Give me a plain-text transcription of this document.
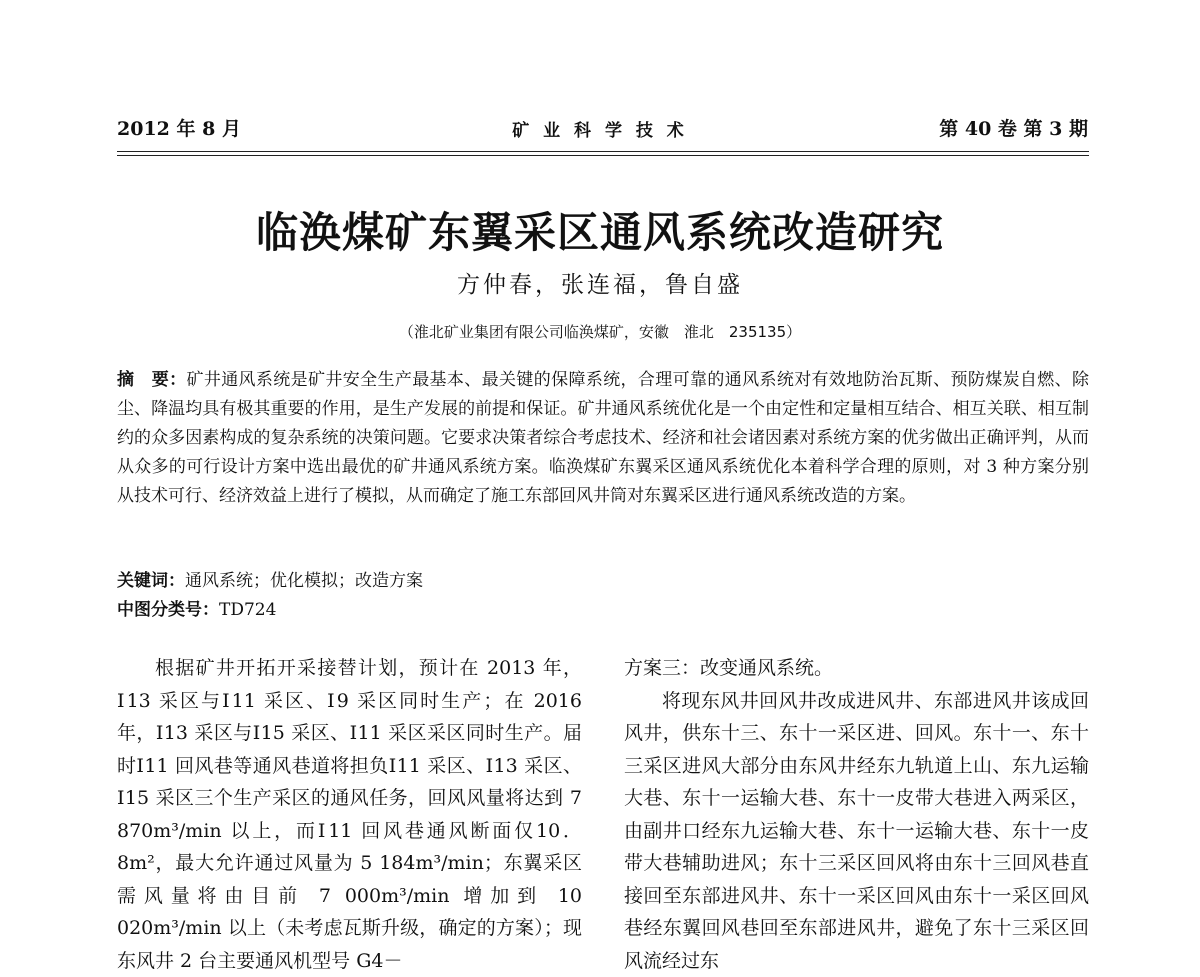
2012 年 8 月	矿 业 科 学 技 术	第 40 卷 第 3 期
临涣煤矿东翼采区通风系统改造研究
方仲春，张连福，鲁自盛
（淮北矿业集团有限公司临涣煤矿，安徽　淮北　235135）
摘　要：矿井通风系统是矿井安全生产最基本、最关键的保障系统，合理可靠的通风系统对有效地防治瓦斯、预防煤炭自燃、除尘、降温均具有极其重要的作用，是生产发展的前提和保证。矿井通风系统优化是一个由定性和定量相互结合、相互关联、相互制约的众多因素构成的复杂系统的决策问题。它要求决策者综合考虑技术、经济和社会诸因素对系统方案的优劣做出正确评判，从而从众多的可行设计方案中选出最优的矿井通风系统方案。临涣煤矿东翼采区通风系统优化本着科学合理的原则，对 3 种方案分别从技术可行、经济效益上进行了模拟，从而确定了施工东部回风井筒对东翼采区进行通风系统改造的方案。
关键词：通风系统；优化模拟；改造方案
中图分类号：TD724

根据矿井开拓开采接替计划，预计在 2013 年，Ⅰ13 采区与Ⅰ11 采区、Ⅰ9 采区同时生产；在 2016 年，Ⅰ13 采区与Ⅰ15 采区、Ⅰ11 采区采区同时生产。届时Ⅰ11 回风巷等通风巷道将担负Ⅰ11 采区、Ⅰ13 采区、Ⅰ15 采区三个生产采区的通风任务，回风风量将达到 7 870m³/min 以上，而Ⅰ11 回风巷通风断面仅10．8m²，最大允许通过风量为 5 184m³/min；东翼采区需风量将由目前 7 000m³/min 增加到 10 020m³/min 以上（未考虑瓦斯升级，确定的方案）；现东风井 2 台主要通风机型号 G4－

方案三：改变通风系统。

将现东风井回风井改成进风井、东部进风井该成回风井，供东十三、东十一采区进、回风。东十一、东十三采区进风大部分由东风井经东九轨道上山、东九运输大巷、东十一运输大巷、东十一皮带大巷进入两采区，由副井口经东九运输大巷、东十一运输大巷、东十一皮带大巷辅助进风；东十三采区回风将由东十三回风巷直接回至东部进风井、东十一采区回风由东十一采区回风巷经东翼回风巷回至东部进风井，避免了东十三采区回风流经过东
